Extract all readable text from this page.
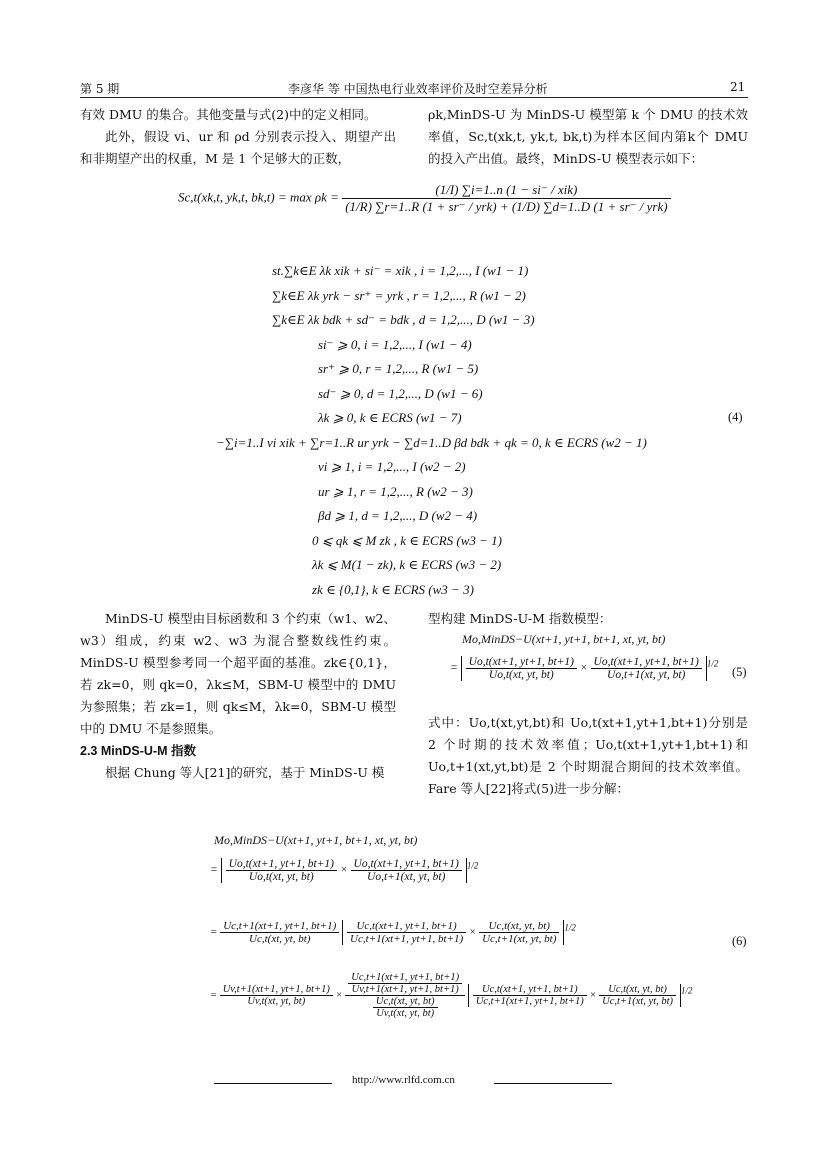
第 5 期	李彦华 等 中国热电行业效率评价及时空差异分析	21

有效 DMU 的集合。其他变量与式(2)中的定义相同。

此外，假设 vi、ur 和 ρd 分别表示投入、期望产出和非期望产出的权重，M 是 1 个足够大的正数，

ρk,MinDS-U 为 MinDS-U 模型第 k 个 DMU 的技术效率值，Sc,t(xk,t, yk,t, bk,t)为样本区间内第k个 DMU 的投入产出值。最终，MinDS-U 模型表示如下：

Sc,t(xk,t, yk,t, bk,t) = max ρk =	(1/I) ∑i=1..n (1 − si⁻ / xik)
(1/R) ∑r=1..R (1 + sr⁻ / yrk) + (1/D) ∑d=1..D (1 + sr⁻ / yrk)
st.∑k∈E λk xik + si⁻ = xik , i = 1,2,..., I (w1 − 1)
∑k∈E λk yrk − sr⁺ = yrk , r = 1,2,..., R (w1 − 2)
∑k∈E λk bdk + sd⁻ = bdk , d = 1,2,..., D (w1 − 3)
si⁻ ⩾ 0, i = 1,2,..., I (w1 − 4)
sr⁺ ⩾ 0, r = 1,2,..., R (w1 − 5)
sd⁻ ⩾ 0, d = 1,2,..., D (w1 − 6)
λk ⩾ 0, k ∈ ECRS (w1 − 7)
−∑i=1..I vi xik + ∑r=1..R ur yrk − ∑d=1..D βd bdk + qk = 0, k ∈ ECRS (w2 − 1)
vi ⩾ 1, i = 1,2,..., I (w2 − 2)
ur ⩾ 1, r = 1,2,..., R (w2 − 3)
βd ⩾ 1, d = 1,2,..., D (w2 − 4)
0 ⩽ qk ⩽ M zk , k ∈ ECRS (w3 − 1)
λk ⩽ M(1 − zk), k ∈ ECRS (w3 − 2)
zk ∈ {0,1}, k ∈ ECRS (w3 − 3)
(4)

MinDS-U 模型由目标函数和 3 个约束（w1、w2、w3）组成，约束 w2、w3 为混合整数线性约束。MinDS-U 模型参考同一个超平面的基准。zk∈{0,1}，若 zk=0，则 qk=0，λk≤M，SBM-U 模型中的 DMU 为参照集；若 zk=1，则 qk≤M，λk=0，SBM-U 模型中的 DMU 不是参照集。

2.3 MinDS-U-M 指数

根据 Chung 等人[21]的研究，基于 MinDS-U 模

型构建 MinDS-U-M 指数模型：

Mo,MinDS−U(xt+1, yt+1, bt+1, xt, yt, bt)
= $\frac{Uo,t(xt+1, yt+1, bt+1)}{Uo,t(xt, yt, bt)} \times \frac{Uo,t(xt+1, yt+1, bt+1)}{Uo,t+1(xt, yt, bt)} ^{1/2}$
(5)

式中：Uo,t(xt,yt,bt)和 Uo,t(xt+1,yt+1,bt+1)分别是 2 个时期的技术效率值；Uo,t(xt+1,yt+1,bt+1)和 Uo,t+1(xt,yt,bt)是 2 个时期混合期间的技术效率值。Fare 等人[22]将式(5)进一步分解：

Mo,MinDS−U(xt+1, yt+1, bt+1, xt, yt, bt)
= $\frac{Uo,t(xt+1, yt+1, bt+1)}{Uo,t(xt, yt, bt)} \times \frac{Uo,t(xt+1, yt+1, bt+1)}{Uo,t+1(xt, yt, bt)} ^{1/2}$
= $\frac{Uc,t+1(xt+1, yt+1, bt+1)}{Uc,t(xt, yt, bt)}$
$\frac{Uc,t(xt+1, yt+1, bt+1)}{Uc,t+1(xt+1, yt+1, bt+1)} \times \frac{Uc,t(xt, yt, bt)}{Uc,t+1(xt, yt, bt)} ^{1/2}$
(6)
= $\frac{Uv,t+1(xt+1, yt+1, bt+1)}{Uv,t(xt, yt, bt)} \times \frac{\frac{Uc,t+1(xt+1, yt+1, bt+1)}{Uv,t+1(xt+1, yt+1, bt+1)}}{\frac{Uc,t(xt, yt, bt)}{Uv,t(xt, yt, bt)}}$
$\frac{Uc,t(xt+1, yt+1, bt+1)}{Uc,t+1(xt+1, yt+1, bt+1)} \times \frac{Uc,t(xt, yt, bt)}{Uc,t+1(xt, yt, bt)} ^{1/2}$
http://www.rlfd.com.cn
